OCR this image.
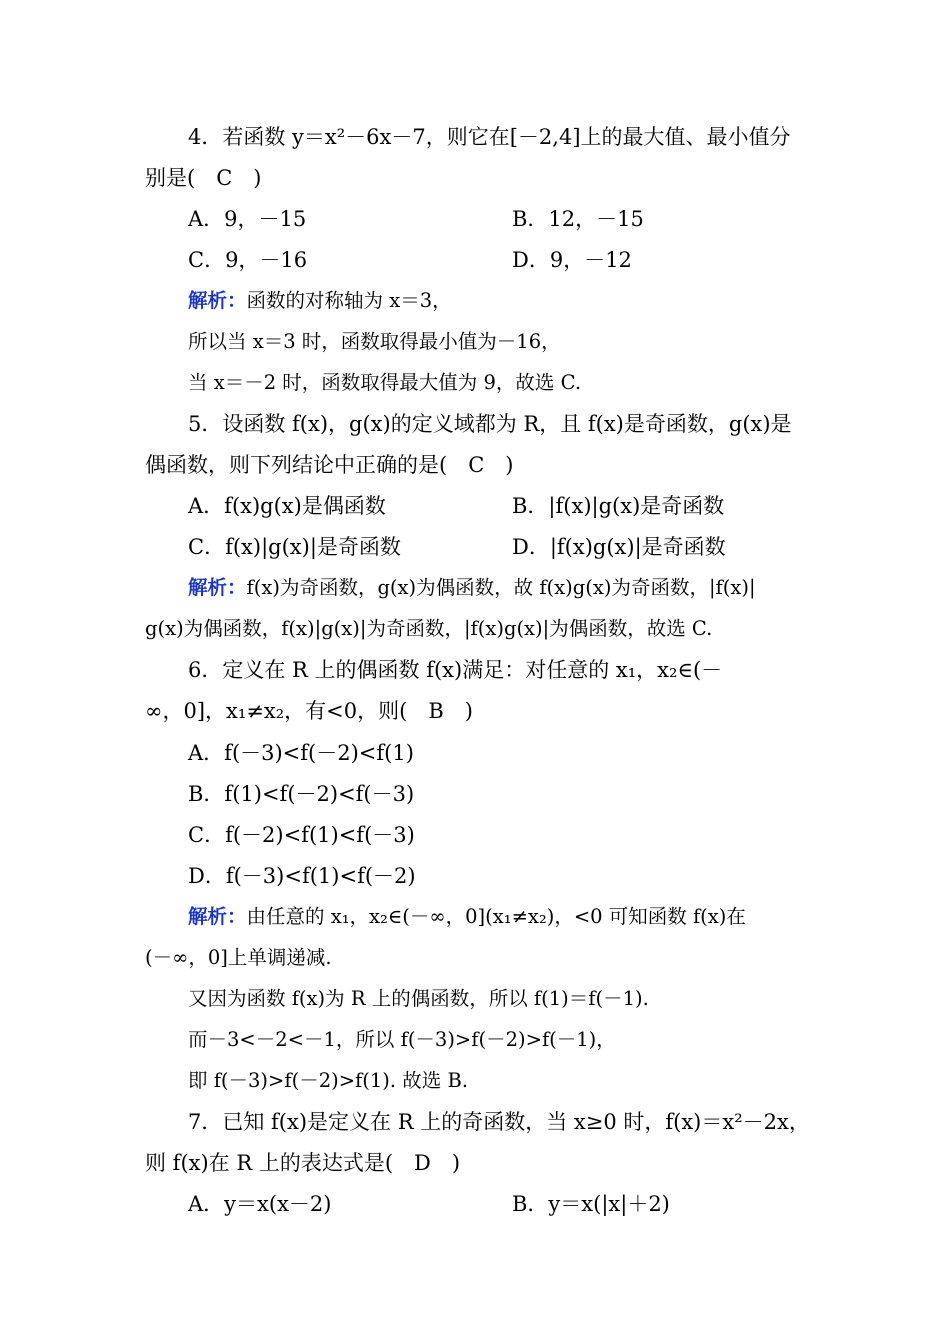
4．若函数 y＝x²－6x－7，则它在[－2,4]上的最大值、最小值分
别是(　C　)
A．9，－15	B．12，－15
C．9，－16	D．9，－12
解析：函数的对称轴为 x＝3，
所以当 x＝3 时，函数取得最小值为－16，
当 x＝－2 时，函数取得最大值为 9，故选 C.
5．设函数 f(x)，g(x)的定义域都为 R，且 f(x)是奇函数，g(x)是
偶函数，则下列结论中正确的是(　C　)
A．f(x)g(x)是偶函数	B．|f(x)|g(x)是奇函数
C．f(x)|g(x)|是奇函数	D．|f(x)g(x)|是奇函数
解析：f(x)为奇函数，g(x)为偶函数，故 f(x)g(x)为奇函数，|f(x)|
g(x)为偶函数，f(x)|g(x)|为奇函数，|f(x)g(x)|为偶函数，故选 C.
6．定义在 R 上的偶函数 f(x)满足：对任意的 x₁，x₂∈(－
∞，0]，x₁≠x₂，有<0，则(　B　)
A．f(－3)<f(－2)<f(1)
B．f(1)<f(－2)<f(－3)
C．f(－2)<f(1)<f(－3)
D．f(－3)<f(1)<f(－2)
解析：由任意的 x₁，x₂∈(－∞，0](x₁≠x₂)，<0 可知函数 f(x)在
(－∞，0]上单调递减.
又因为函数 f(x)为 R 上的偶函数，所以 f(1)＝f(－1).
而－3<－2<－1，所以 f(－3)>f(－2)>f(－1)，
即 f(－3)>f(－2)>f(1). 故选 B.
7．已知 f(x)是定义在 R 上的奇函数，当 x≥0 时，f(x)＝x²－2x，
则 f(x)在 R 上的表达式是(　D　)
A．y＝x(x－2)	B．y＝x(|x|＋2)
